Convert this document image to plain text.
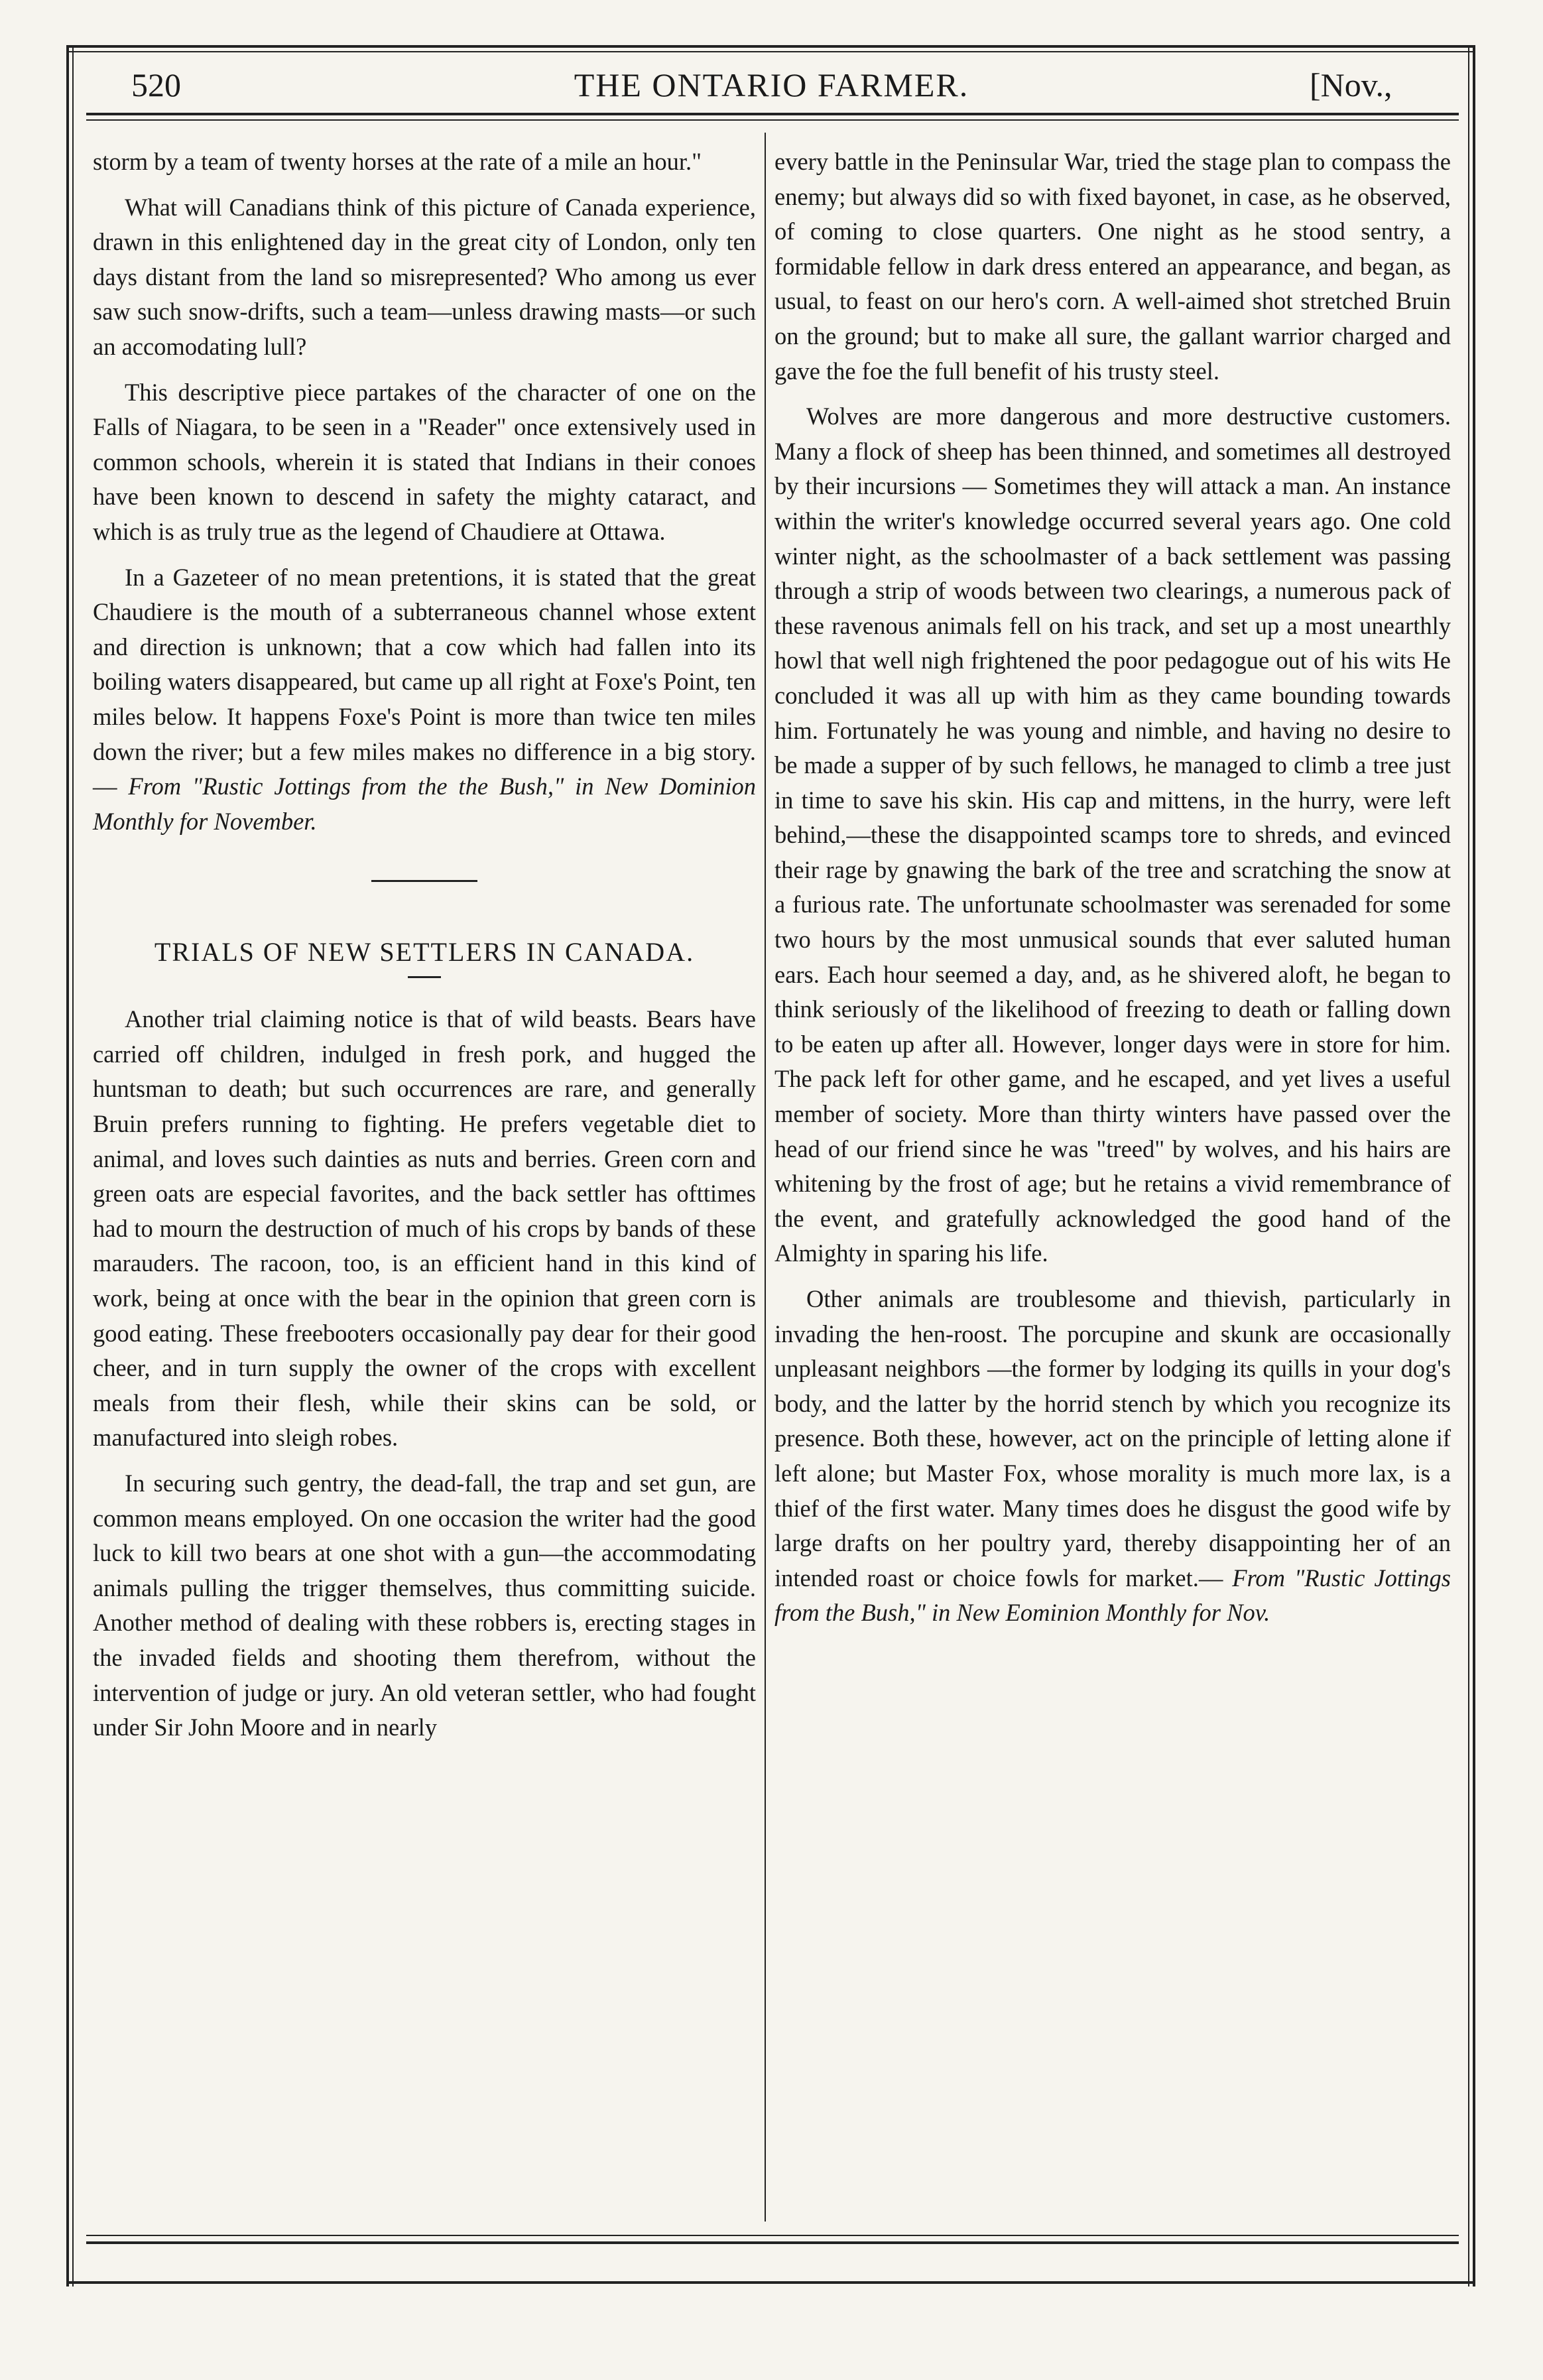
520	THE ONTARIO FARMER.	[Nov.,

storm by a team of twenty horses at the rate of a mile an hour."

What will Canadians think of this picture of Canada experience, drawn in this enlightened day in the great city of London, only ten days distant from the land so misrepresented? Who among us ever saw such snow-drifts, such a team—unless drawing masts—or such an accomodating lull?

This descriptive piece partakes of the character of one on the Falls of Niagara, to be seen in a "Reader" once extensively used in common schools, wherein it is stated that Indians in their conoes have been known to descend in safety the mighty cataract, and which is as truly true as the legend of Chaudiere at Ottawa.

In a Gazeteer of no mean pretentions, it is stated that the great Chaudiere is the mouth of a subterraneous channel whose extent and direction is unknown; that a cow which had fallen into its boiling waters disappeared, but came up all right at Foxe's Point, ten miles below. It happens Foxe's Point is more than twice ten miles down the river; but a few miles makes no difference in a big story.— From "Rustic Jottings from the the Bush," in New Dominion Monthly for November.

TRIALS OF NEW SETTLERS IN CANADA.

Another trial claiming notice is that of wild beasts. Bears have carried off children, indulged in fresh pork, and hugged the huntsman to death; but such occurrences are rare, and generally Bruin prefers running to fighting. He prefers vegetable diet to animal, and loves such dainties as nuts and berries. Green corn and green oats are especial favorites, and the back settler has ofttimes had to mourn the destruction of much of his crops by bands of these marauders. The racoon, too, is an efficient hand in this kind of work, being at once with the bear in the opinion that green corn is good eating. These freebooters occasionally pay dear for their good cheer, and in turn supply the owner of the crops with excellent meals from their flesh, while their skins can be sold, or manufactured into sleigh robes.

In securing such gentry, the dead-fall, the trap and set gun, are common means employed. On one occasion the writer had the good luck to kill two bears at one shot with a gun—the accommodating animals pulling the trigger themselves, thus committing suicide. Another method of dealing with these robbers is, erecting stages in the invaded fields and shooting them therefrom, without the intervention of judge or jury. An old veteran settler, who had fought under Sir John Moore and in nearly

every battle in the Peninsular War, tried the stage plan to compass the enemy; but always did so with fixed bayonet, in case, as he observed, of coming to close quarters. One night as he stood sentry, a formidable fellow in dark dress entered an appearance, and began, as usual, to feast on our hero's corn. A well-aimed shot stretched Bruin on the ground; but to make all sure, the gallant warrior charged and gave the foe the full benefit of his trusty steel.

Wolves are more dangerous and more destructive customers. Many a flock of sheep has been thinned, and sometimes all destroyed by their incursions — Sometimes they will attack a man. An instance within the writer's knowledge occurred several years ago. One cold winter night, as the schoolmaster of a back settlement was passing through a strip of woods between two clearings, a numerous pack of these ravenous animals fell on his track, and set up a most unearthly howl that well nigh frightened the poor pedagogue out of his wits He concluded it was all up with him as they came bounding towards him. Fortunately he was young and nimble, and having no desire to be made a supper of by such fellows, he managed to climb a tree just in time to save his skin. His cap and mittens, in the hurry, were left behind,—these the disappointed scamps tore to shreds, and evinced their rage by gnawing the bark of the tree and scratching the snow at a furious rate. The unfortunate schoolmaster was serenaded for some two hours by the most unmusical sounds that ever saluted human ears. Each hour seemed a day, and, as he shivered aloft, he began to think seriously of the likelihood of freezing to death or falling down to be eaten up after all. However, longer days were in store for him. The pack left for other game, and he escaped, and yet lives a useful member of society. More than thirty winters have passed over the head of our friend since he was "treed" by wolves, and his hairs are whitening by the frost of age; but he retains a vivid remembrance of the event, and gratefully acknowledged the good hand of the Almighty in sparing his life.

Other animals are troublesome and thievish, particularly in invading the hen-roost. The porcupine and skunk are occasionally unpleasant neighbors —the former by lodging its quills in your dog's body, and the latter by the horrid stench by which you recognize its presence. Both these, however, act on the principle of letting alone if left alone; but Master Fox, whose morality is much more lax, is a thief of the first water. Many times does he disgust the good wife by large drafts on her poultry yard, thereby disappointing her of an intended roast or choice fowls for market.— From "Rustic Jottings from the Bush," in New Eominion Monthly for Nov.
